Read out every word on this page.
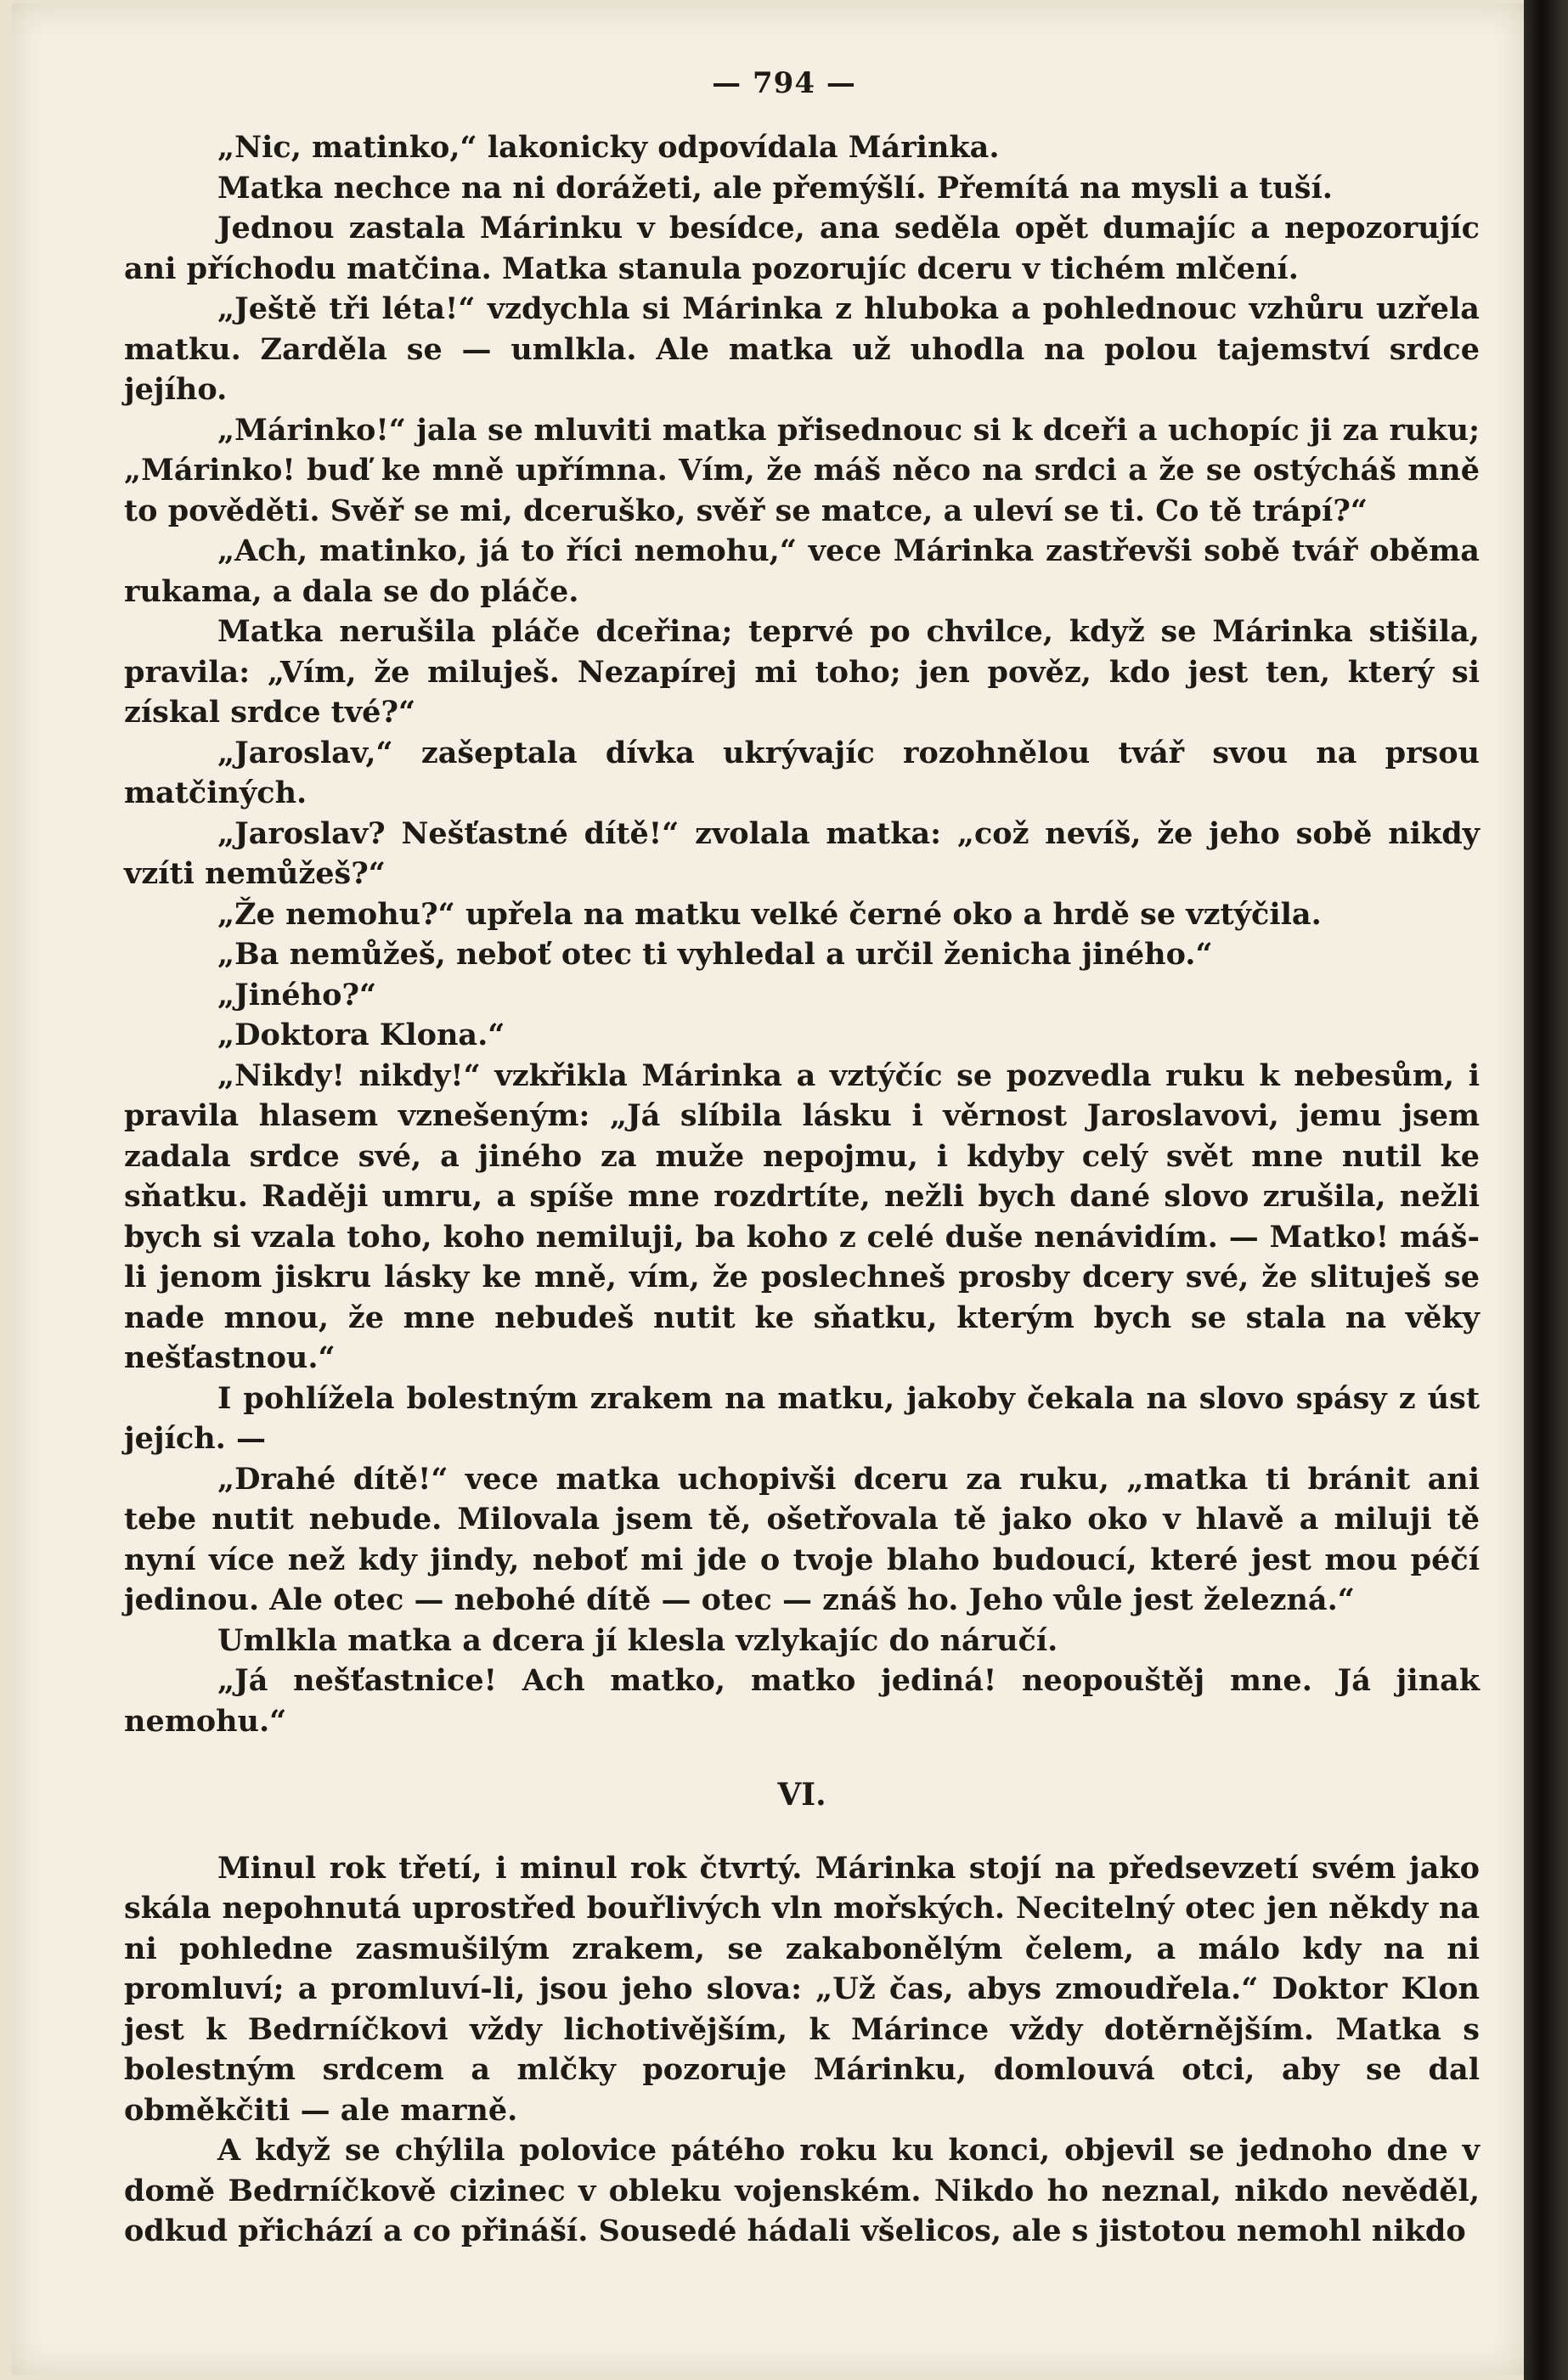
— 794 —

„Nic, matinko,“ lakonicky odpovídala Márinka.

Matka nechce na ni dorážeti, ale přemýšlí. Přemítá na mysli a tuší.

Jednou zastala Márinku v besídce, ana seděla opět dumajíc a nepozorujíc ani příchodu matčina. Matka stanula pozorujíc dceru v tichém mlčení.

„Ještě tři léta!“ vzdychla si Márinka z hluboka a pohlednouc vzhůru uzřela matku. Zarděla se — umlkla. Ale matka už uhodla na polou tajemství srdce jejího.

„Márinko!“ jala se mluviti matka přisednouc si k dceři a uchopíc ji za ruku; „Márinko! buď ke mně upřímna. Vím, že máš něco na srdci a že se ostýcháš mně to pověděti. Svěř se mi, dceruško, svěř se matce, a uleví se ti. Co tě trápí?“

„Ach, matinko, já to říci nemohu,“ vece Márinka zastřevši sobě tvář oběma rukama, a dala se do pláče.

Matka nerušila pláče dceřina; teprvé po chvilce, když se Márinka stišila, pravila: „Vím, že miluješ. Nezapírej mi toho; jen pověz, kdo jest ten, který si získal srdce tvé?“

„Jaroslav,“ zašeptala dívka ukrývajíc rozohnělou tvář svou na prsou matčiných.

„Jaroslav? Nešťastné dítě!“ zvolala matka: „což nevíš, že jeho sobě nikdy vzíti nemůžeš?“

„Že nemohu?“ upřela na matku velké černé oko a hrdě se vztýčila.

„Ba nemůžeš, neboť otec ti vyhledal a určil ženicha jiného.“

„Jiného?“

„Doktora Klona.“

„Nikdy! nikdy!“ vzkřikla Márinka a vztýčíc se pozvedla ruku k nebesům, i pravila hlasem vznešeným: „Já slíbila lásku i věrnost Jaroslavovi, jemu jsem zadala srdce své, a jiného za muže nepojmu, i kdyby celý svět mne nutil ke sňatku. Raději umru, a spíše mne rozdrtíte, nežli bych dané slovo zrušila, nežli bych si vzala toho, koho nemiluji, ba koho z celé duše nenávidím. — Matko! máš-li jenom jiskru lásky ke mně, vím, že poslechneš prosby dcery své, že slituješ se nade mnou, že mne nebudeš nutit ke sňatku, kterým bych se stala na věky nešťastnou.“

I pohlížela bolestným zrakem na matku, jakoby čekala na slovo spásy z úst jejích. —

„Drahé dítě!“ vece matka uchopivši dceru za ruku, „matka ti bránit ani tebe nutit nebude. Milovala jsem tě, ošetřovala tě jako oko v hlavě a miluji tě nyní více než kdy jindy, neboť mi jde o tvoje blaho budoucí, které jest mou péčí jedinou. Ale otec — nebohé dítě — otec — znáš ho. Jeho vůle jest železná.“

Umlkla matka a dcera jí klesla vzlykajíc do náručí.

„Já nešťastnice! Ach matko, matko jediná! neopouštěj mne. Já jinak nemohu.“

VI.

Minul rok třetí, i minul rok čtvrtý. Márinka stojí na předsevzetí svém jako skála nepohnutá uprostřed bouřlivých vln mořských. Necitelný otec jen někdy na ni pohledne zasmušilým zrakem, se zakabonělým čelem, a málo kdy na ni promluví; a promluví-li, jsou jeho slova: „Už čas, abys zmoudřela.“ Doktor Klon jest k Bedrníčkovi vždy lichotivějším, k Márince vždy dotěrnějším. Matka s bolestným srdcem a mlčky pozoruje Márinku, domlouvá otci, aby se dal obměkčiti — ale marně.

A když se chýlila polovice pátého roku ku konci, objevil se jednoho dne v domě Bedrníčkově cizinec v obleku vojenském. Nikdo ho neznal, nikdo nevěděl, odkud přichází a co přináší. Sousedé hádali všelicos, ale s jistotou nemohl nikdo
